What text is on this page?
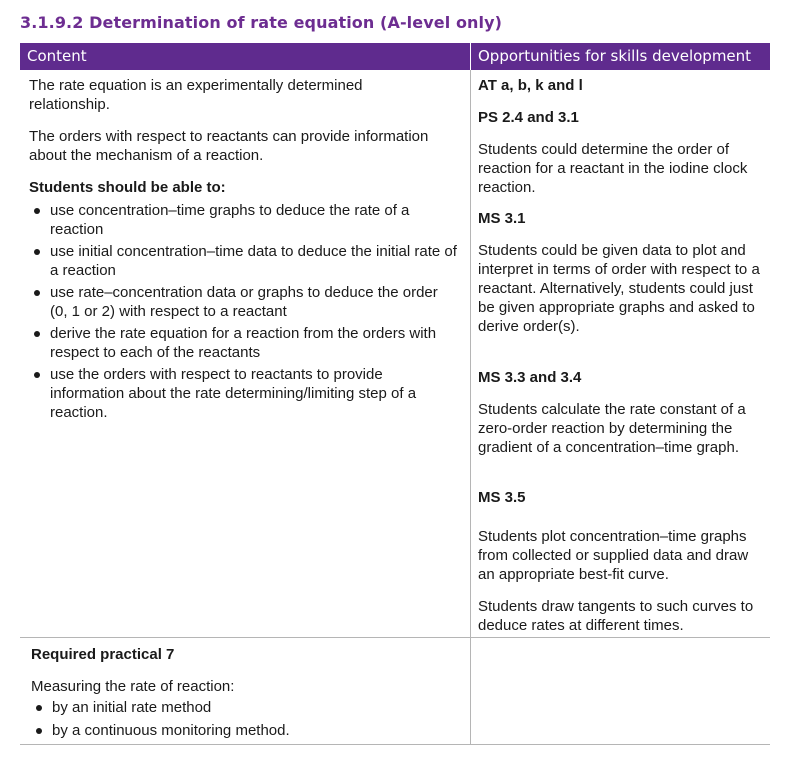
3.1.9.2 Determination of rate equation (A-level only)
Content	Opportunities for skills development
The rate equation is an experimentally determined relationship.
The orders with respect to reactants can provide information about the mechanism of a reaction.
Students should be able to:
use concentration–time graphs to deduce the rate of a reaction
use initial concentration–time data to deduce the initial rate of a reaction
use rate–concentration data or graphs to deduce the order (0, 1 or 2) with respect to a reactant
derive the rate equation for a reaction from the orders with respect to each of the reactants
use the orders with respect to reactants to provide information about the rate determining/limiting step of a reaction.
AT a, b, k and l
PS 2.4 and 3.1
Students could determine the order of reaction for a reactant in the iodine clock reaction.
MS 3.1
Students could be given data to plot and interpret in terms of order with respect to a reactant. Alternatively, students could just be given appropriate graphs and asked to derive order(s).
MS 3.3 and 3.4
Students calculate the rate constant of a zero-order reaction by determining the gradient of a concentration–time graph.
MS 3.5
Students plot concentration–time graphs from collected or supplied data and draw an appropriate best-fit curve.
Students draw tangents to such curves to deduce rates at different times.
Required practical 7
Measuring the rate of reaction:
by an initial rate method
by a continuous monitoring method.
